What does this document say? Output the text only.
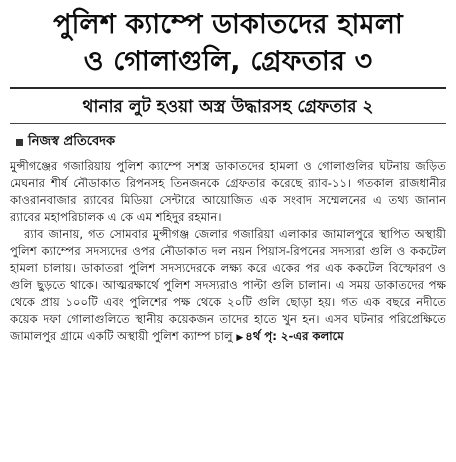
পুলিশ ক্যাম্পে ডাকাতদের হামলা
ও গোলাগুলি, গ্রেফতার ৩
থানার লুট হওয়া অস্ত্র উদ্ধারসহ গ্রেফতার ২
নিজস্ব প্রতিবেদক

মুন্সীগঞ্জের গজারিয়ায় পুলিশ ক্যাম্পে সশস্ত্র ডাকাতদের হামলা ও গোলাগুলির ঘটনায় জড়িত মেঘনার শীর্ষ নৌডাকাত রিপনসহ তিনজনকে গ্রেফতার করেছে র‍্যাব-১১। গতকাল রাজধানীর কাওরানবাজার র‍্যাবের মিডিয়া সেন্টারে আয়োজিত এক সংবাদ সম্মেলনের এ তথ্য জানান র‍্যাবের মহাপরিচালক এ কে এম শহিদুর রহমান।

র‍্যাব জানায়, গত সোমবার মুন্সীগঞ্জ জেলার গজারিয়া এলাকার জামালপুরে স্থাপিত অস্থায়ী পুলিশ ক্যাম্পের সদস্যদের ওপর নৌডাকাত দল নয়ন পিয়াস-রিপনের সদস্যরা গুলি ও ককটেল হামলা চালায়। ডাকাতরা পুলিশ সদস্যদেরকে লক্ষ্য করে একের পর এক ককটেল বিস্ফোরণ ও গুলি ছুড়তে থাকে। আত্মরক্ষার্থে পুলিশ সদস্যরাও পাল্টা গুলি চালান। এ সময় ডাকাতদের পক্ষ থেকে প্রায় ১০০টি এবং পুলিশের পক্ষ থেকে ২০টি গুলি ছোড়া হয়। গত এক বছরে নদীতে কয়েক দফা গোলাগুলিতে স্থানীয় কয়েকজন তাদের হাতে খুন হন। এসব ঘটনার পরিপ্রেক্ষিতে জামালপুর গ্রামে একটি অস্থায়ী পুলিশ ক্যাম্প চালু ▶ ৪র্থ পৃ: ২-এর কলামে
